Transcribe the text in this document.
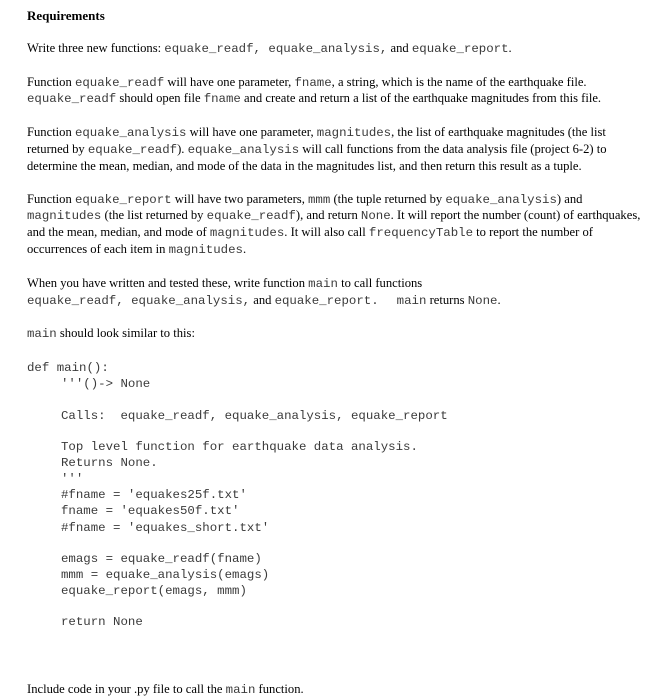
Requirements
Write three new functions: equake_readf, equake_analysis, and equake_report.
Function equake_readf will have one parameter, fname, a string, which is the name of the earthquake file. equake_readf should open file fname and create and return a list of the earthquake magnitudes from this file.
Function equake_analysis will have one parameter, magnitudes, the list of earthquake magnitudes (the list returned by equake_readf). equake_analysis will call functions from the data analysis file (project 6-2) to determine the mean, median, and mode of the data in the magnitudes list, and then return this result as a tuple.
Function equake_report will have two parameters, mmm (the tuple returned by equake_analysis) and magnitudes (the list returned by equake_readf), and return None. It will report the number (count) of earthquakes, and the mean, median, and mode of magnitudes. It will also call frequencyTable to report the number of occurrences of each item in magnitudes.
When you have written and tested these, write function main to call functions
equake_readf, equake_analysis, and equake_report. main returns None.
main should look similar to this:
def main():
'''()-> None
Calls:  equake_readf, equake_analysis, equake_report
Top level function for earthquake data analysis.
Returns None.
'''
#fname = 'equakes25f.txt'
fname = 'equakes50f.txt'
#fname = 'equakes_short.txt'
emags = equake_readf(fname)
mmm = equake_analysis(emags)
equake_report(emags, mmm)
return None
Include code in your .py file to call the main function.
